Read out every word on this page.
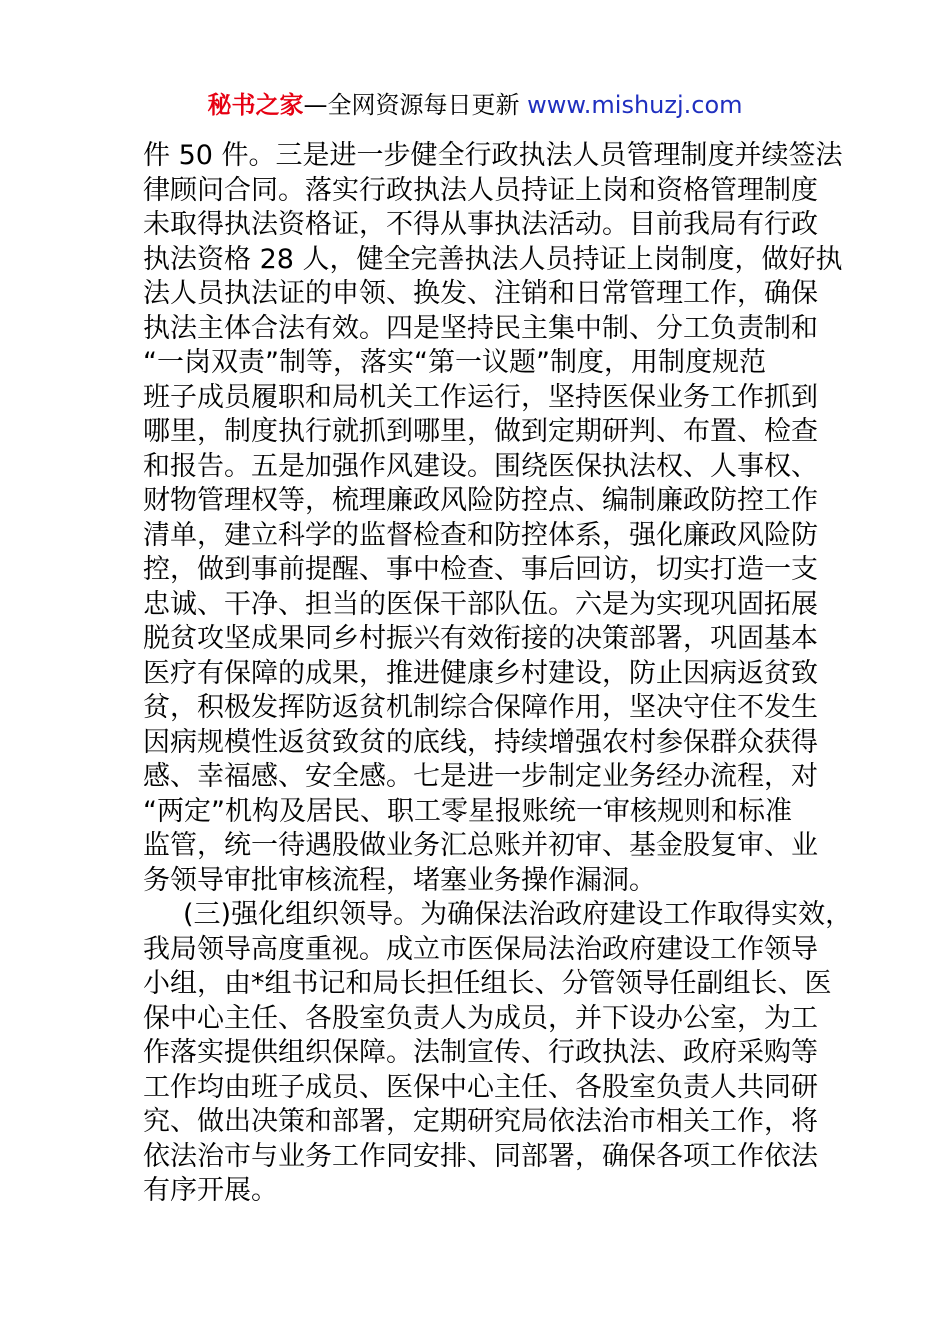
秘书之家—全网资源每日更新 www.mishuzj.com
件 50 件。三是进一步健全行政执法人员管理制度并续签法
律顾问合同。落实行政执法人员持证上岗和资格管理制度
未取得执法资格证，不得从事执法活动。目前我局有行政
执法资格 28 人，健全完善执法人员持证上岗制度，做好执
法人员执法证的申领、换发、注销和日常管理工作，确保
执法主体合法有效。四是坚持民主集中制、分工负责制和
“一岗双责”制等，落实“第一议题”制度，用制度规范
班子成员履职和局机关工作运行，坚持医保业务工作抓到
哪里，制度执行就抓到哪里，做到定期研判、布置、检查
和报告。五是加强作风建设。围绕医保执法权、人事权、
财物管理权等，梳理廉政风险防控点、编制廉政防控工作
清单，建立科学的监督检查和防控体系，强化廉政风险防
控，做到事前提醒、事中检查、事后回访，切实打造一支
忠诚、干净、担当的医保干部队伍。六是为实现巩固拓展
脱贫攻坚成果同乡村振兴有效衔接的决策部署，巩固基本
医疗有保障的成果，推进健康乡村建设，防止因病返贫致
贫，积极发挥防返贫机制综合保障作用，坚决守住不发生
因病规模性返贫致贫的底线，持续增强农村参保群众获得
感、幸福感、安全感。七是进一步制定业务经办流程，对
“两定”机构及居民、职工零星报账统一审核规则和标准
监管，统一待遇股做业务汇总账并初审、基金股复审、业
务领导审批审核流程，堵塞业务操作漏洞。
(三)强化组织领导。为确保法治政府建设工作取得实效，
我局领导高度重视。成立市医保局法治政府建设工作领导
小组，由*组书记和局长担任组长、分管领导任副组长、医
保中心主任、各股室负责人为成员，并下设办公室，为工
作落实提供组织保障。法制宣传、行政执法、政府采购等
工作均由班子成员、医保中心主任、各股室负责人共同研
究、做出决策和部署，定期研究局依法治市相关工作，将
依法治市与业务工作同安排、同部署，确保各项工作依法
有序开展。
